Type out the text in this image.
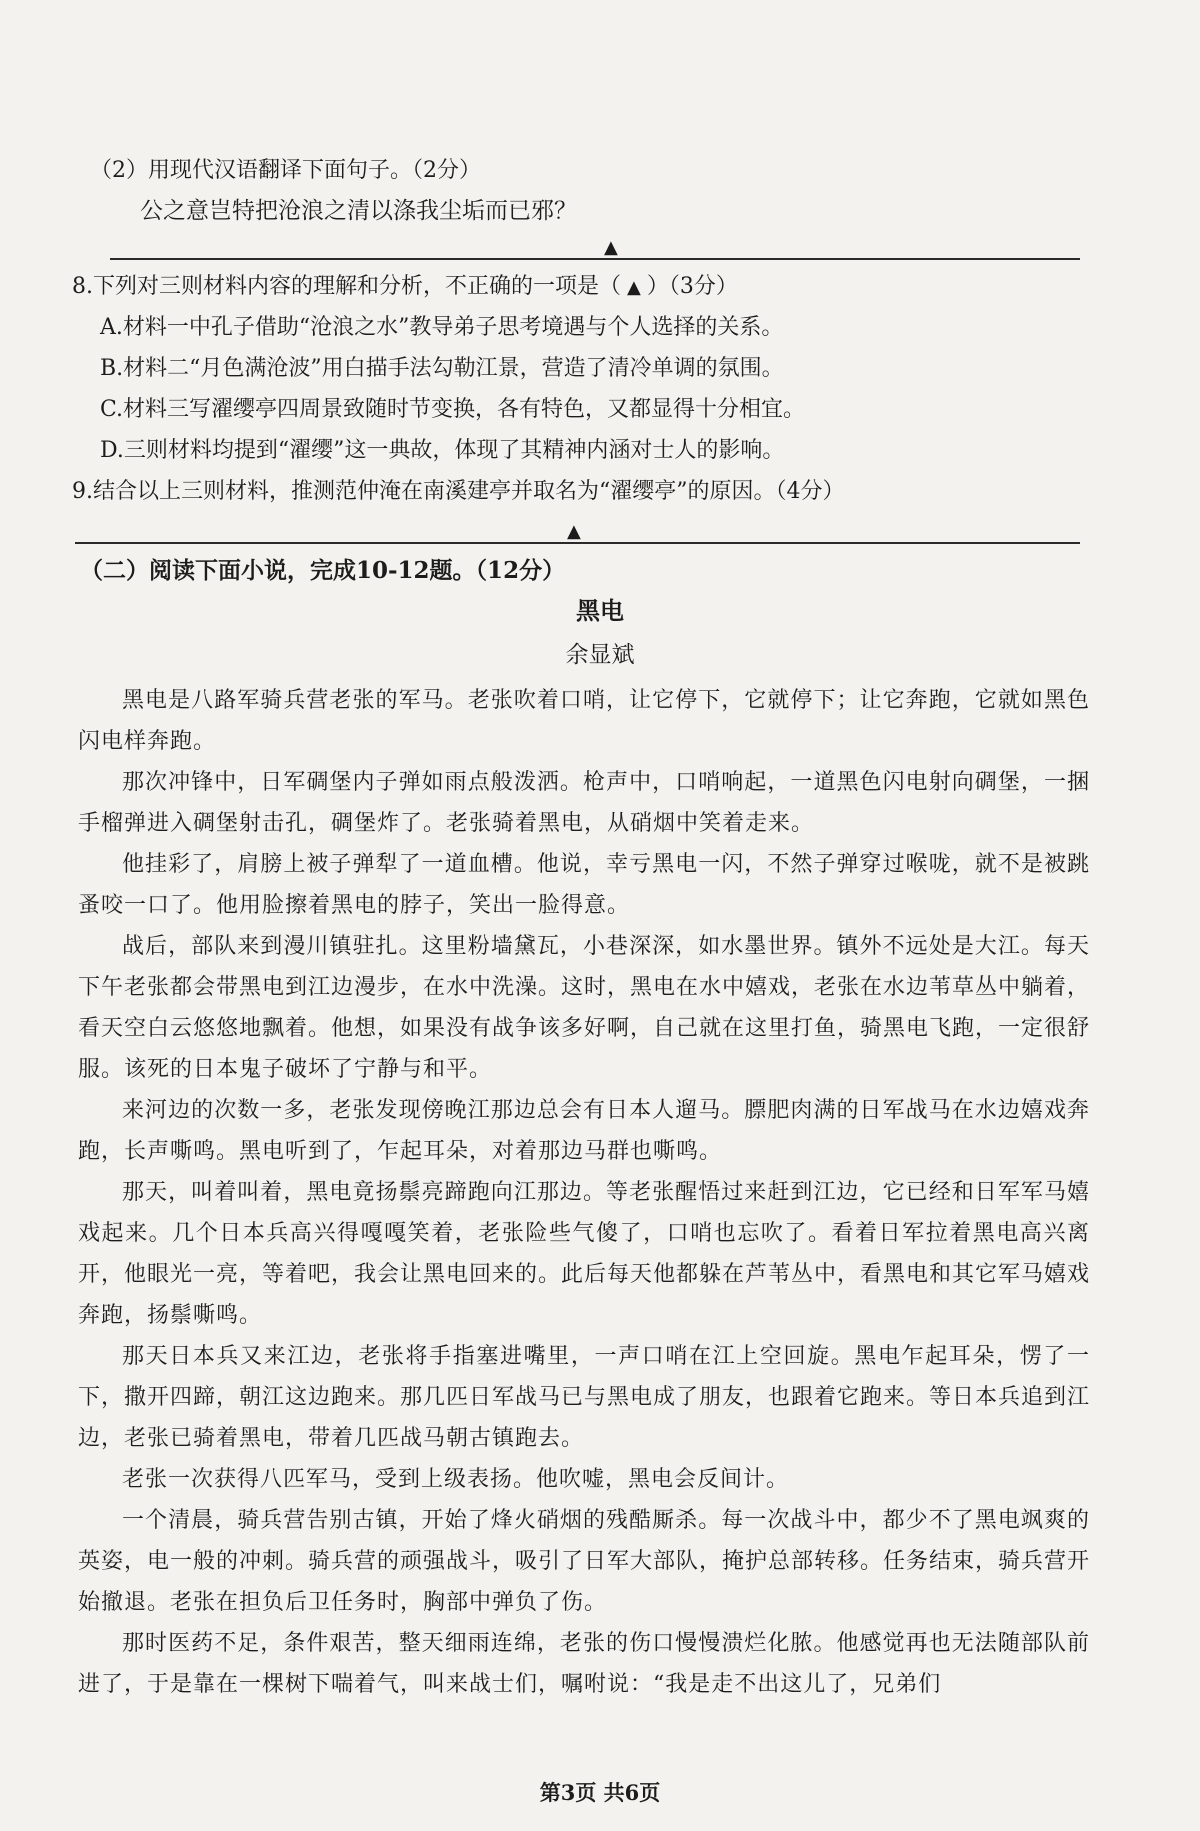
（2）用现代汉语翻译下面句子。（2分）
公之意岂特把沧浪之清以涤我尘垢而已邪？
▲
8.下列对三则材料内容的理解和分析，不正确的一项是（ ▲ ）（3分）
A.材料一中孔子借助“沧浪之水”教导弟子思考境遇与个人选择的关系。
B.材料二“月色满沧波”用白描手法勾勒江景，营造了清冷单调的氛围。
C.材料三写濯缨亭四周景致随时节变换，各有特色，又都显得十分相宜。
D.三则材料均提到“濯缨”这一典故，体现了其精神内涵对士人的影响。
9.结合以上三则材料，推测范仲淹在南溪建亭并取名为“濯缨亭”的原因。（4分）
▲
（二）阅读下面小说，完成10-12题。（12分）
黑电
余显斌
黑电是八路军骑兵营老张的军马。老张吹着口哨，让它停下，它就停下；让它奔跑，它就如黑色闪电样奔跑。
那次冲锋中，日军碉堡内子弹如雨点般泼洒。枪声中，口哨响起，一道黑色闪电射向碉堡，一捆手榴弹进入碉堡射击孔，碉堡炸了。老张骑着黑电，从硝烟中笑着走来。
他挂彩了，肩膀上被子弹犁了一道血槽。他说，幸亏黑电一闪，不然子弹穿过喉咙，就不是被跳蚤咬一口了。他用脸擦着黑电的脖子，笑出一脸得意。
战后，部队来到漫川镇驻扎。这里粉墙黛瓦，小巷深深，如水墨世界。镇外不远处是大江。每天下午老张都会带黑电到江边漫步，在水中洗澡。这时，黑电在水中嬉戏，老张在水边苇草丛中躺着，看天空白云悠悠地飘着。他想，如果没有战争该多好啊，自己就在这里打鱼，骑黑电飞跑，一定很舒服。该死的日本鬼子破坏了宁静与和平。
来河边的次数一多，老张发现傍晚江那边总会有日本人遛马。膘肥肉满的日军战马在水边嬉戏奔跑，长声嘶鸣。黑电听到了，乍起耳朵，对着那边马群也嘶鸣。
那天，叫着叫着，黑电竟扬鬃亮蹄跑向江那边。等老张醒悟过来赶到江边，它已经和日军军马嬉戏起来。几个日本兵高兴得嘎嘎笑着，老张险些气傻了，口哨也忘吹了。看着日军拉着黑电高兴离开，他眼光一亮，等着吧，我会让黑电回来的。此后每天他都躲在芦苇丛中，看黑电和其它军马嬉戏奔跑，扬鬃嘶鸣。
那天日本兵又来江边，老张将手指塞进嘴里，一声口哨在江上空回旋。黑电乍起耳朵，愣了一下，撒开四蹄，朝江这边跑来。那几匹日军战马已与黑电成了朋友，也跟着它跑来。等日本兵追到江边，老张已骑着黑电，带着几匹战马朝古镇跑去。
老张一次获得八匹军马，受到上级表扬。他吹嘘，黑电会反间计。
一个清晨，骑兵营告别古镇，开始了烽火硝烟的残酷厮杀。每一次战斗中，都少不了黑电飒爽的英姿，电一般的冲刺。骑兵营的顽强战斗，吸引了日军大部队，掩护总部转移。任务结束，骑兵营开始撤退。老张在担负后卫任务时，胸部中弹负了伤。
那时医药不足，条件艰苦，整天细雨连绵，老张的伤口慢慢溃烂化脓。他感觉再也无法随部队前进了，于是靠在一棵树下喘着气，叫来战士们，嘱咐说：“我是走不出这儿了，兄弟们
第3页 共6页
